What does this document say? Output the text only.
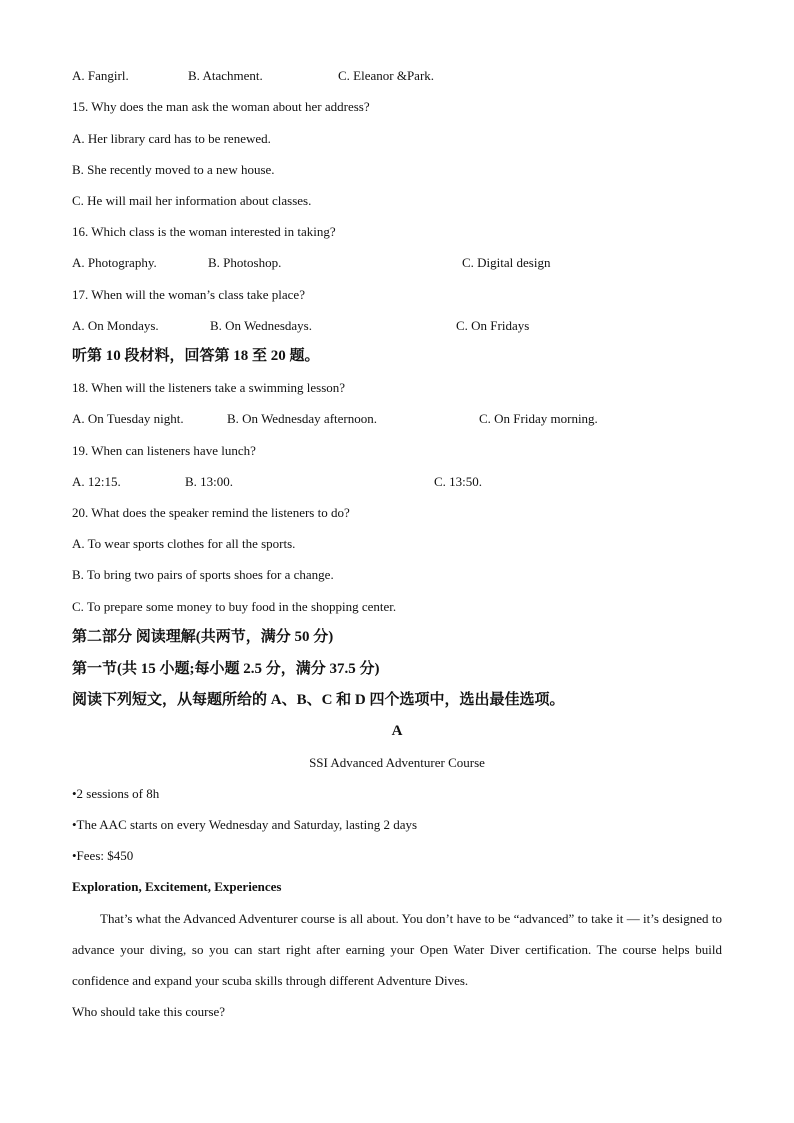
A. Fangirl.	B. Atachment.	C. Eleanor &Park.
15. Why does the man ask the woman about her address?
A. Her library card has to be renewed.
B. She recently moved to a new house.
C. He will mail her information about classes.
16. Which class is the woman interested in taking?
A. Photography.	B. Photoshop.	C. Digital design
17. When will the woman’s class take place?
A. On Mondays.	B. On Wednesdays.	C. On Fridays
听第 10 段材料，回答第 18 至 20 题。
18. When will the listeners take a swimming lesson?
A. On Tuesday night.	B. On Wednesday afternoon.	C. On Friday morning.
19. When can listeners have lunch?
A. 12:15.	B. 13:00.	C. 13:50.
20. What does the speaker remind the listeners to do?
A. To wear sports clothes for all the sports.
B. To bring two pairs of sports shoes for a change.
C. To prepare some money to buy food in the shopping center.
第二部分 阅读理解(共两节，满分 50 分)
第一节(共 15 小题;每小题 2.5 分，满分 37.5 分)
阅读下列短文，从每题所给的 A、B、C 和 D 四个选项中，选出最佳选项。
A
SSI Advanced Adventurer Course
•2 sessions of 8h
•The AAC starts on every Wednesday and Saturday, lasting 2 days
•Fees: $450
Exploration, Excitement, Experiences

That’s what the Advanced Adventurer course is all about. You don’t have to be “advanced” to take it — it’s designed to advance your diving, so you can start right after earning your Open Water Diver certification. The course helps build confidence and expand your scuba skills through different Adventure Dives.

Who should take this course?
